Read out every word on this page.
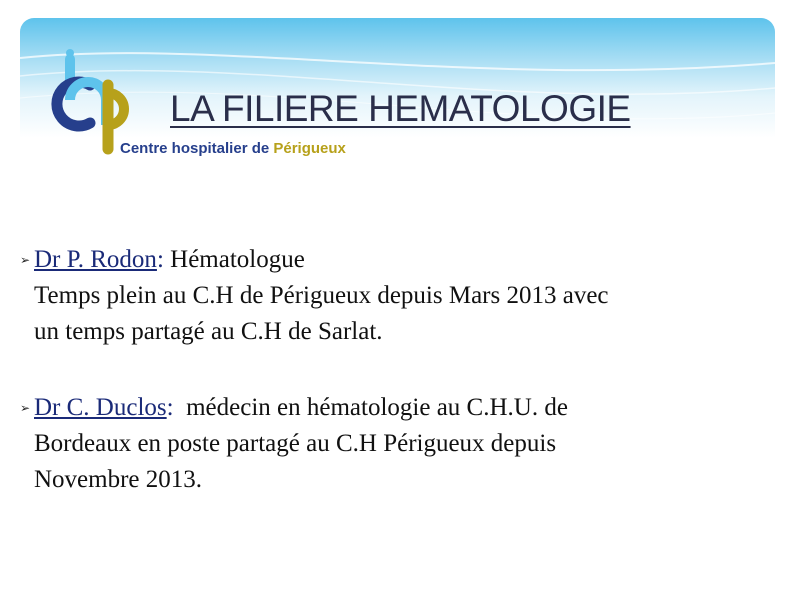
Centre hospitalier de Périgueux
LA FILIERE HEMATOLOGIE
➢ Dr P. Rodon: Hématologue
Temps plein au C.H de Périgueux depuis Mars 2013 avec
un temps partagé au C.H de Sarlat.
➢ Dr C. Duclos:  médecin en hématologie au C.H.U. de
Bordeaux en poste partagé au C.H Périgueux depuis
Novembre 2013.
